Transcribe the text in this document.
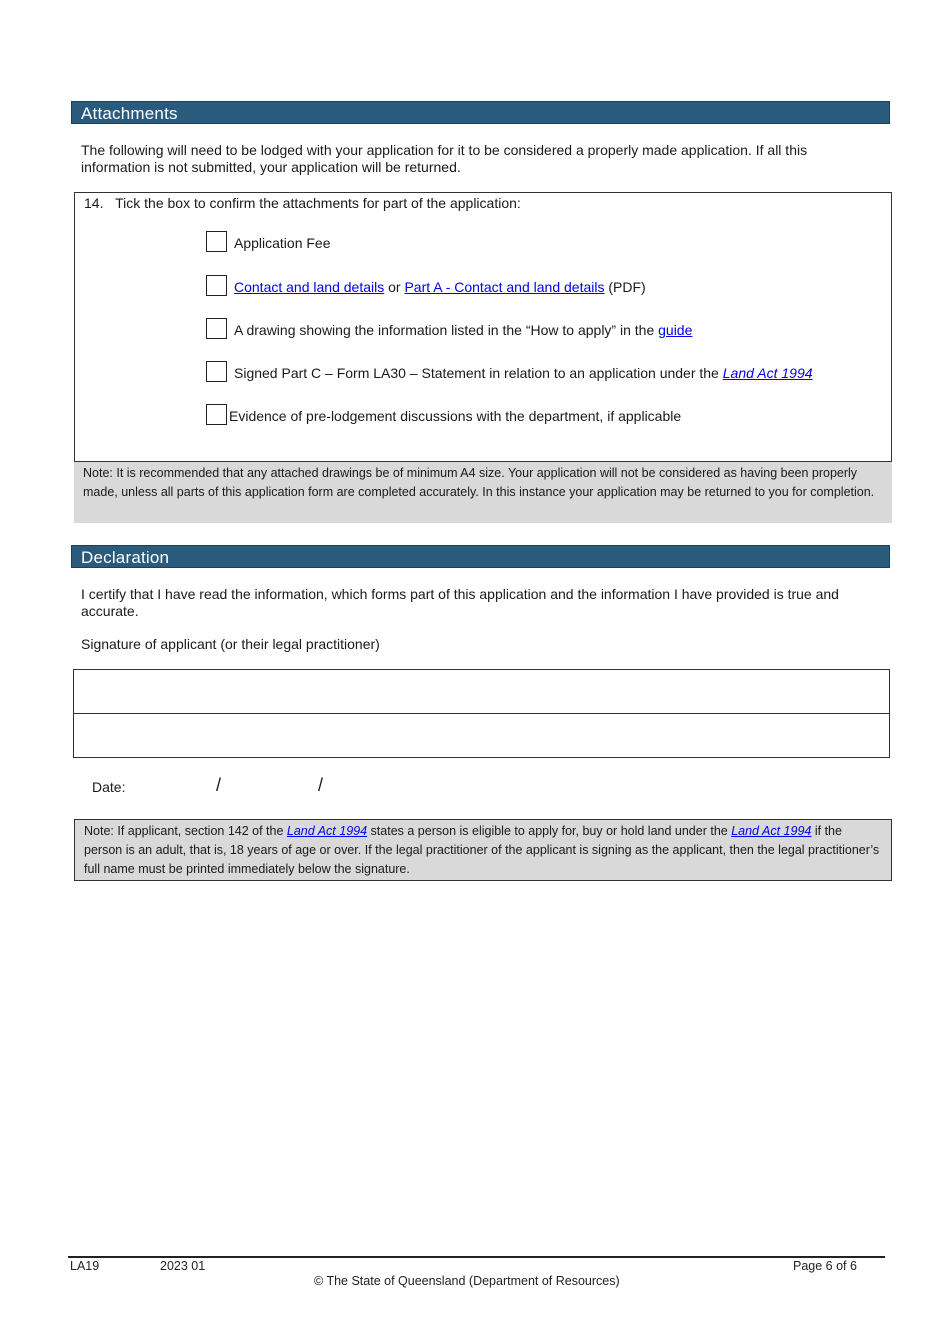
Attachments
The following will need to be lodged with your application for it to be considered a properly made application. If all this information is not submitted, your application will be returned.
14. Tick the box to confirm the attachments for part of the application:
Application Fee
Contact and land details or Part A - Contact and land details (PDF)
A drawing showing the information listed in the “How to apply” in the guide
Signed Part C – Form LA30 – Statement in relation to an application under the Land Act 1994
Evidence of pre-lodgement discussions with the department, if applicable
Note: It is recommended that any attached drawings be of minimum A4 size. Your application will not be considered as having been properly made, unless all parts of this application form are completed accurately. In this instance your application may be returned to you for completion.
Declaration
I certify that I have read the information, which forms part of this application and the information I have provided is true and accurate.
Signature of applicant (or their legal practitioner)
Date:	/	/
Note: If applicant, section 142 of the Land Act 1994 states a person is eligible to apply for, buy or hold land under the Land Act 1994 if the person is an adult, that is, 18 years of age or over. If the legal practitioner of the applicant is signing as the applicant, then the legal practitioner’s full name must be printed immediately below the signature.
LA19	2023 01	Page 6 of 6
© The State of Queensland (Department of Resources)
